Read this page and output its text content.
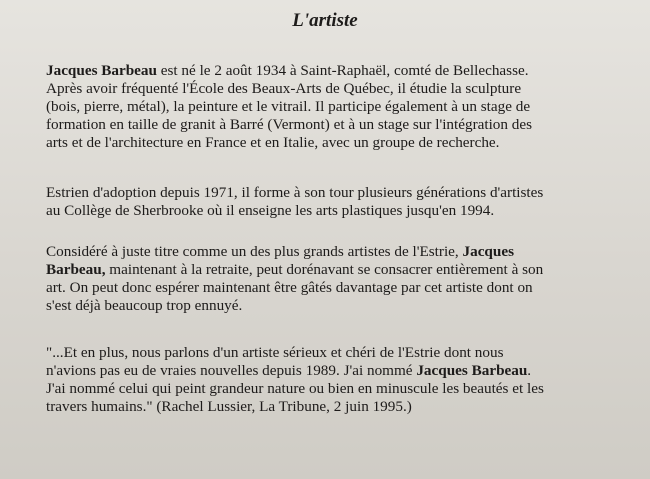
L'artiste

Jacques Barbeau est né le 2 août 1934 à Saint-Raphaël, comté de Bellechasse.
Après avoir fréquenté l'École des Beaux-Arts de Québec, il étudie la sculpture
(bois, pierre, métal), la peinture et le vitrail. Il participe également à un stage de
formation en taille de granit à Barré (Vermont) et à un stage sur l'intégration des
arts et de l'architecture en France et en Italie, avec un groupe de recherche.

Estrien d'adoption depuis 1971, il forme à son tour plusieurs générations d'artistes
au Collège de Sherbrooke où il enseigne les arts plastiques jusqu'en 1994.

Considéré à juste titre comme un des plus grands artistes de l'Estrie, Jacques
Barbeau, maintenant à la retraite, peut dorénavant se consacrer entièrement à son
art. On peut donc espérer maintenant être gâtés davantage par cet artiste dont on
s'est déjà beaucoup trop ennuyé.

"...Et en plus, nous parlons d'un artiste sérieux et chéri de l'Estrie dont nous
n'avions pas eu de vraies nouvelles depuis 1989. J'ai nommé Jacques Barbeau.
J'ai nommé celui qui peint grandeur nature ou bien en minuscule les beautés et les
travers humains." (Rachel Lussier, La Tribune, 2 juin 1995.)
